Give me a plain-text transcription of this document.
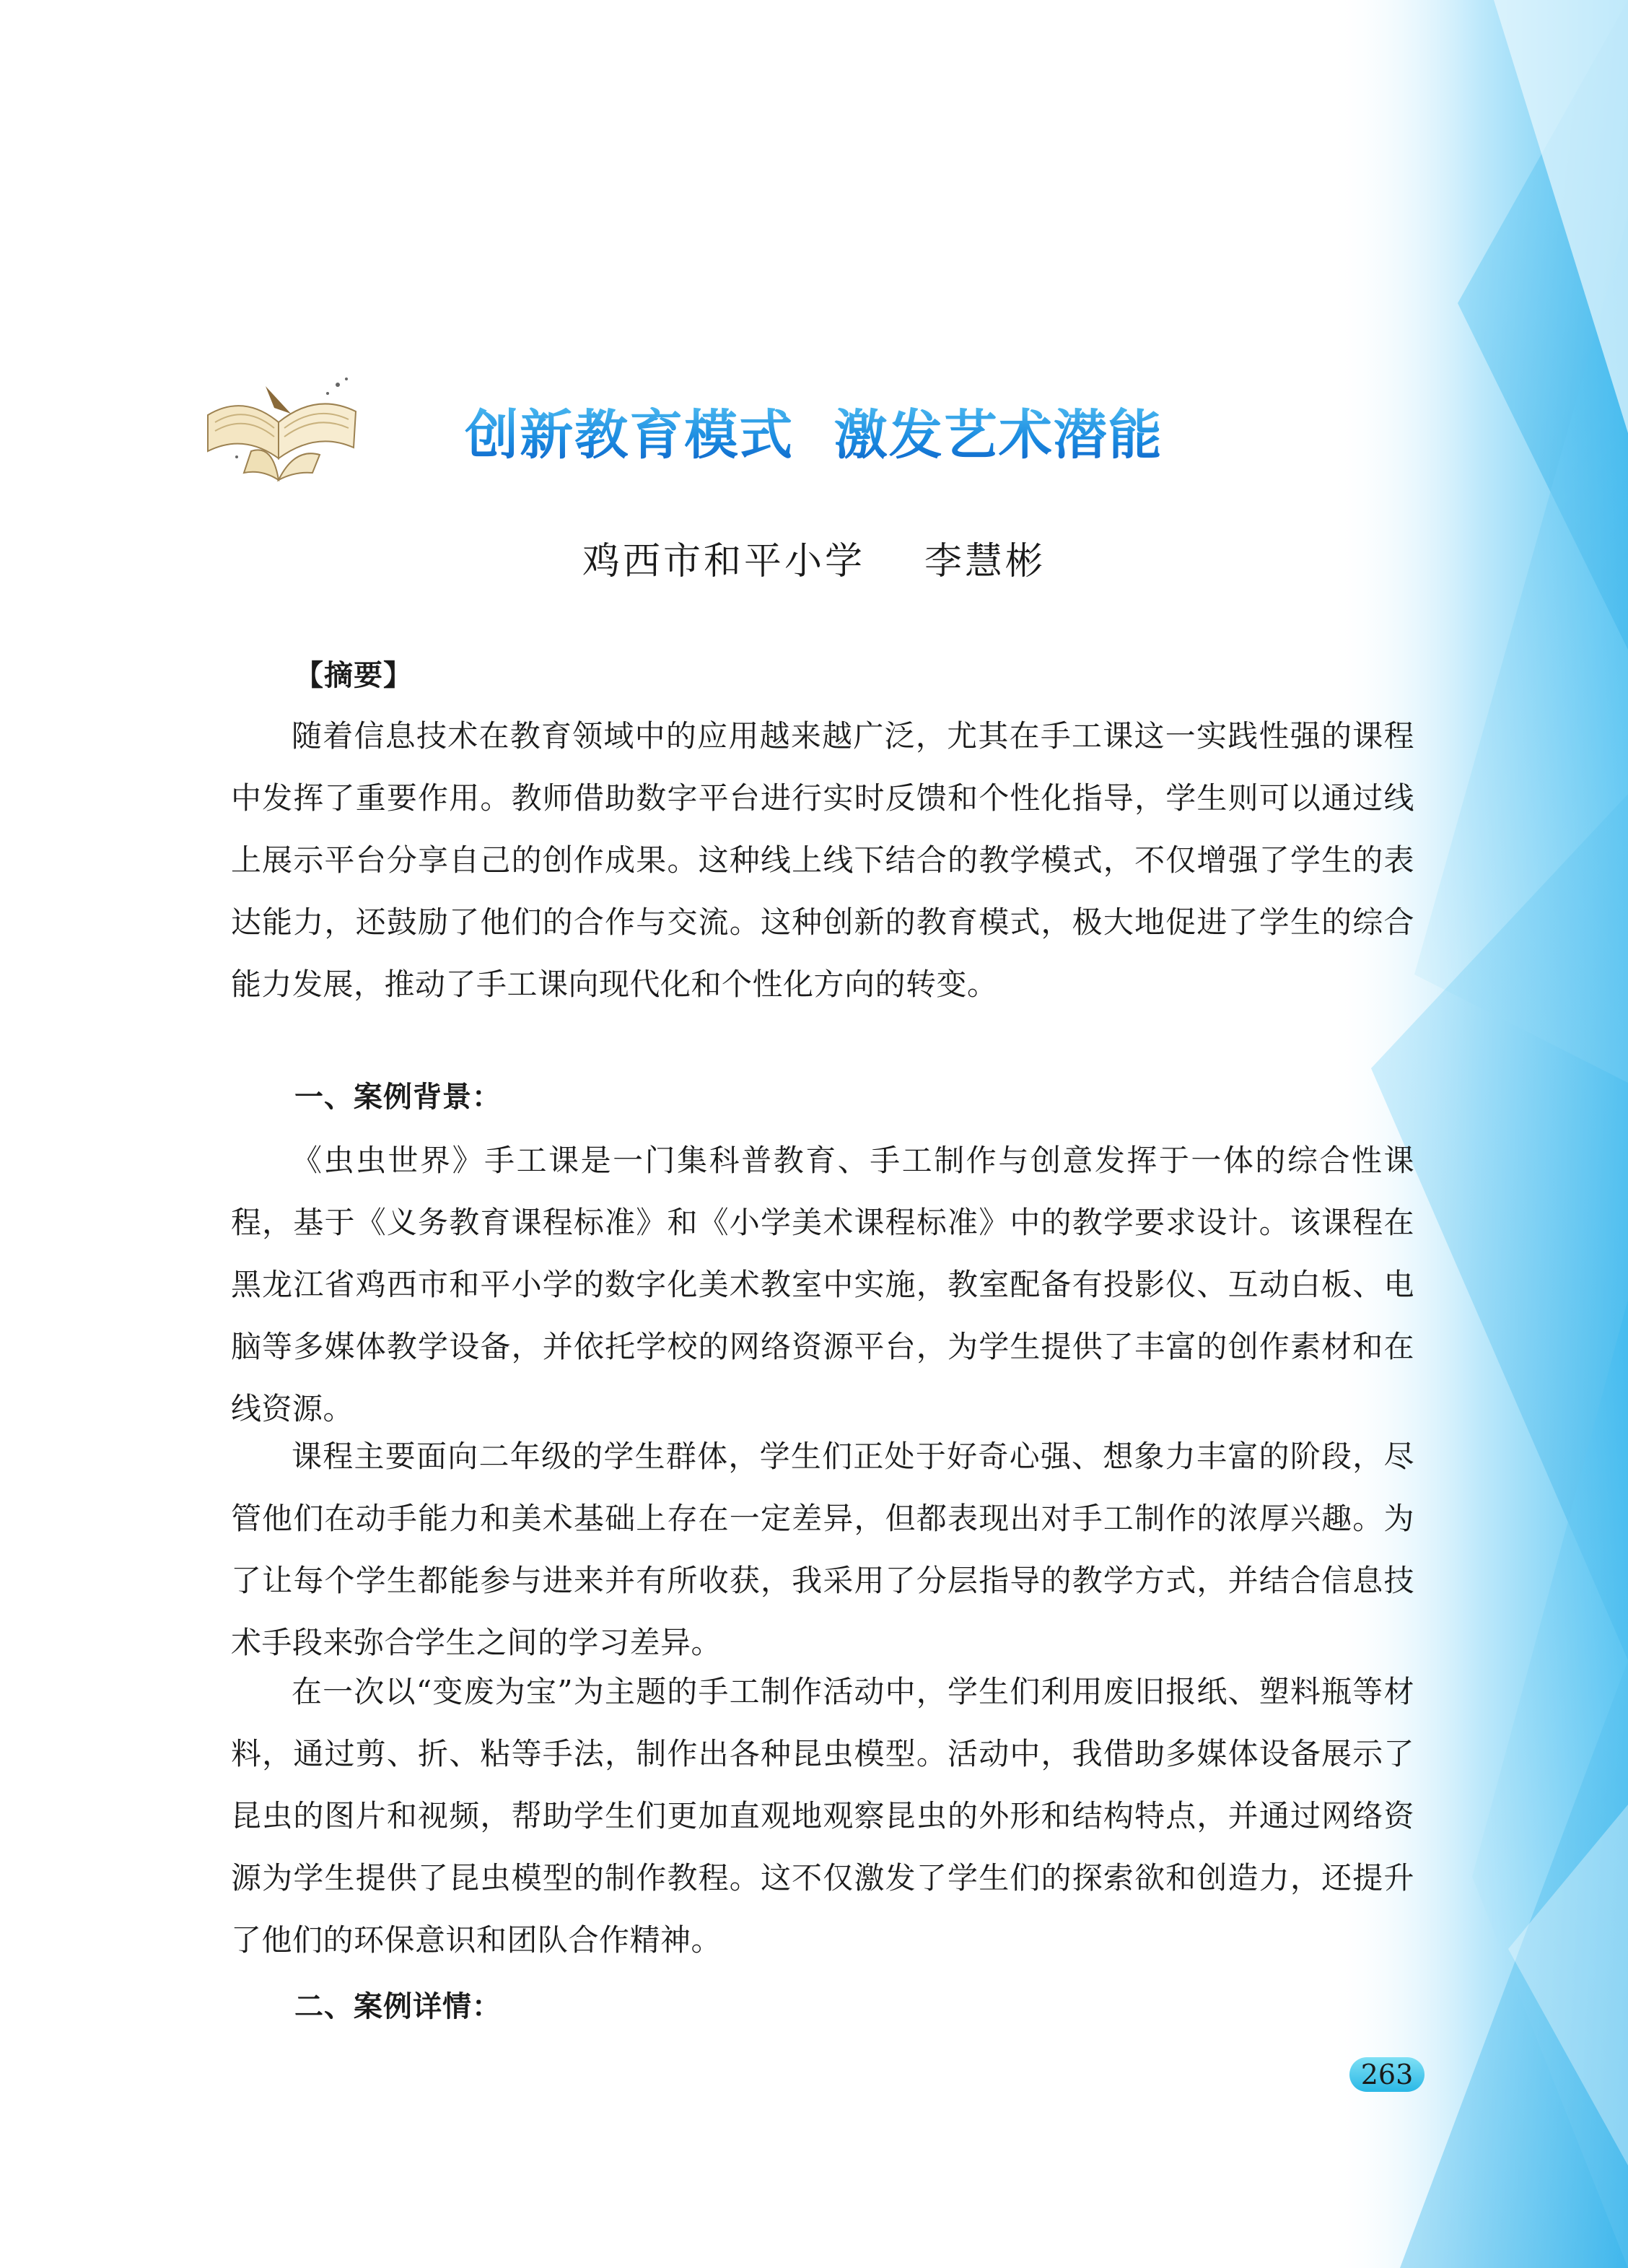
创新教育模式  激发艺术潜能
鸡西市和平小学    李慧彬
【摘要】

随着信息技术在教育领域中的应用越来越广泛，尤其在手工课这一实践性强的课程中发挥了重要作用。教师借助数字平台进行实时反馈和个性化指导，学生则可以通过线上展示平台分享自己的创作成果。这种线上线下结合的教学模式，不仅增强了学生的表达能力，还鼓励了他们的合作与交流。这种创新的教育模式，极大地促进了学生的综合能力发展，推动了手工课向现代化和个性化方向的转变。

一、案例背景：

《虫虫世界》手工课是一门集科普教育、手工制作与创意发挥于一体的综合性课程，基于《义务教育课程标准》和《小学美术课程标准》中的教学要求设计。该课程在黑龙江省鸡西市和平小学的数字化美术教室中实施，教室配备有投影仪、互动白板、电脑等多媒体教学设备，并依托学校的网络资源平台，为学生提供了丰富的创作素材和在线资源。

课程主要面向二年级的学生群体，学生们正处于好奇心强、想象力丰富的阶段，尽管他们在动手能力和美术基础上存在一定差异，但都表现出对手工制作的浓厚兴趣。为了让每个学生都能参与进来并有所收获，我采用了分层指导的教学方式，并结合信息技术手段来弥合学生之间的学习差异。

在一次以“变废为宝”为主题的手工制作活动中，学生们利用废旧报纸、塑料瓶等材料，通过剪、折、粘等手法，制作出各种昆虫模型。活动中，我借助多媒体设备展示了昆虫的图片和视频，帮助学生们更加直观地观察昆虫的外形和结构特点，并通过网络资源为学生提供了昆虫模型的制作教程。这不仅激发了学生们的探索欲和创造力，还提升了他们的环保意识和团队合作精神。

二、案例详情：
263
